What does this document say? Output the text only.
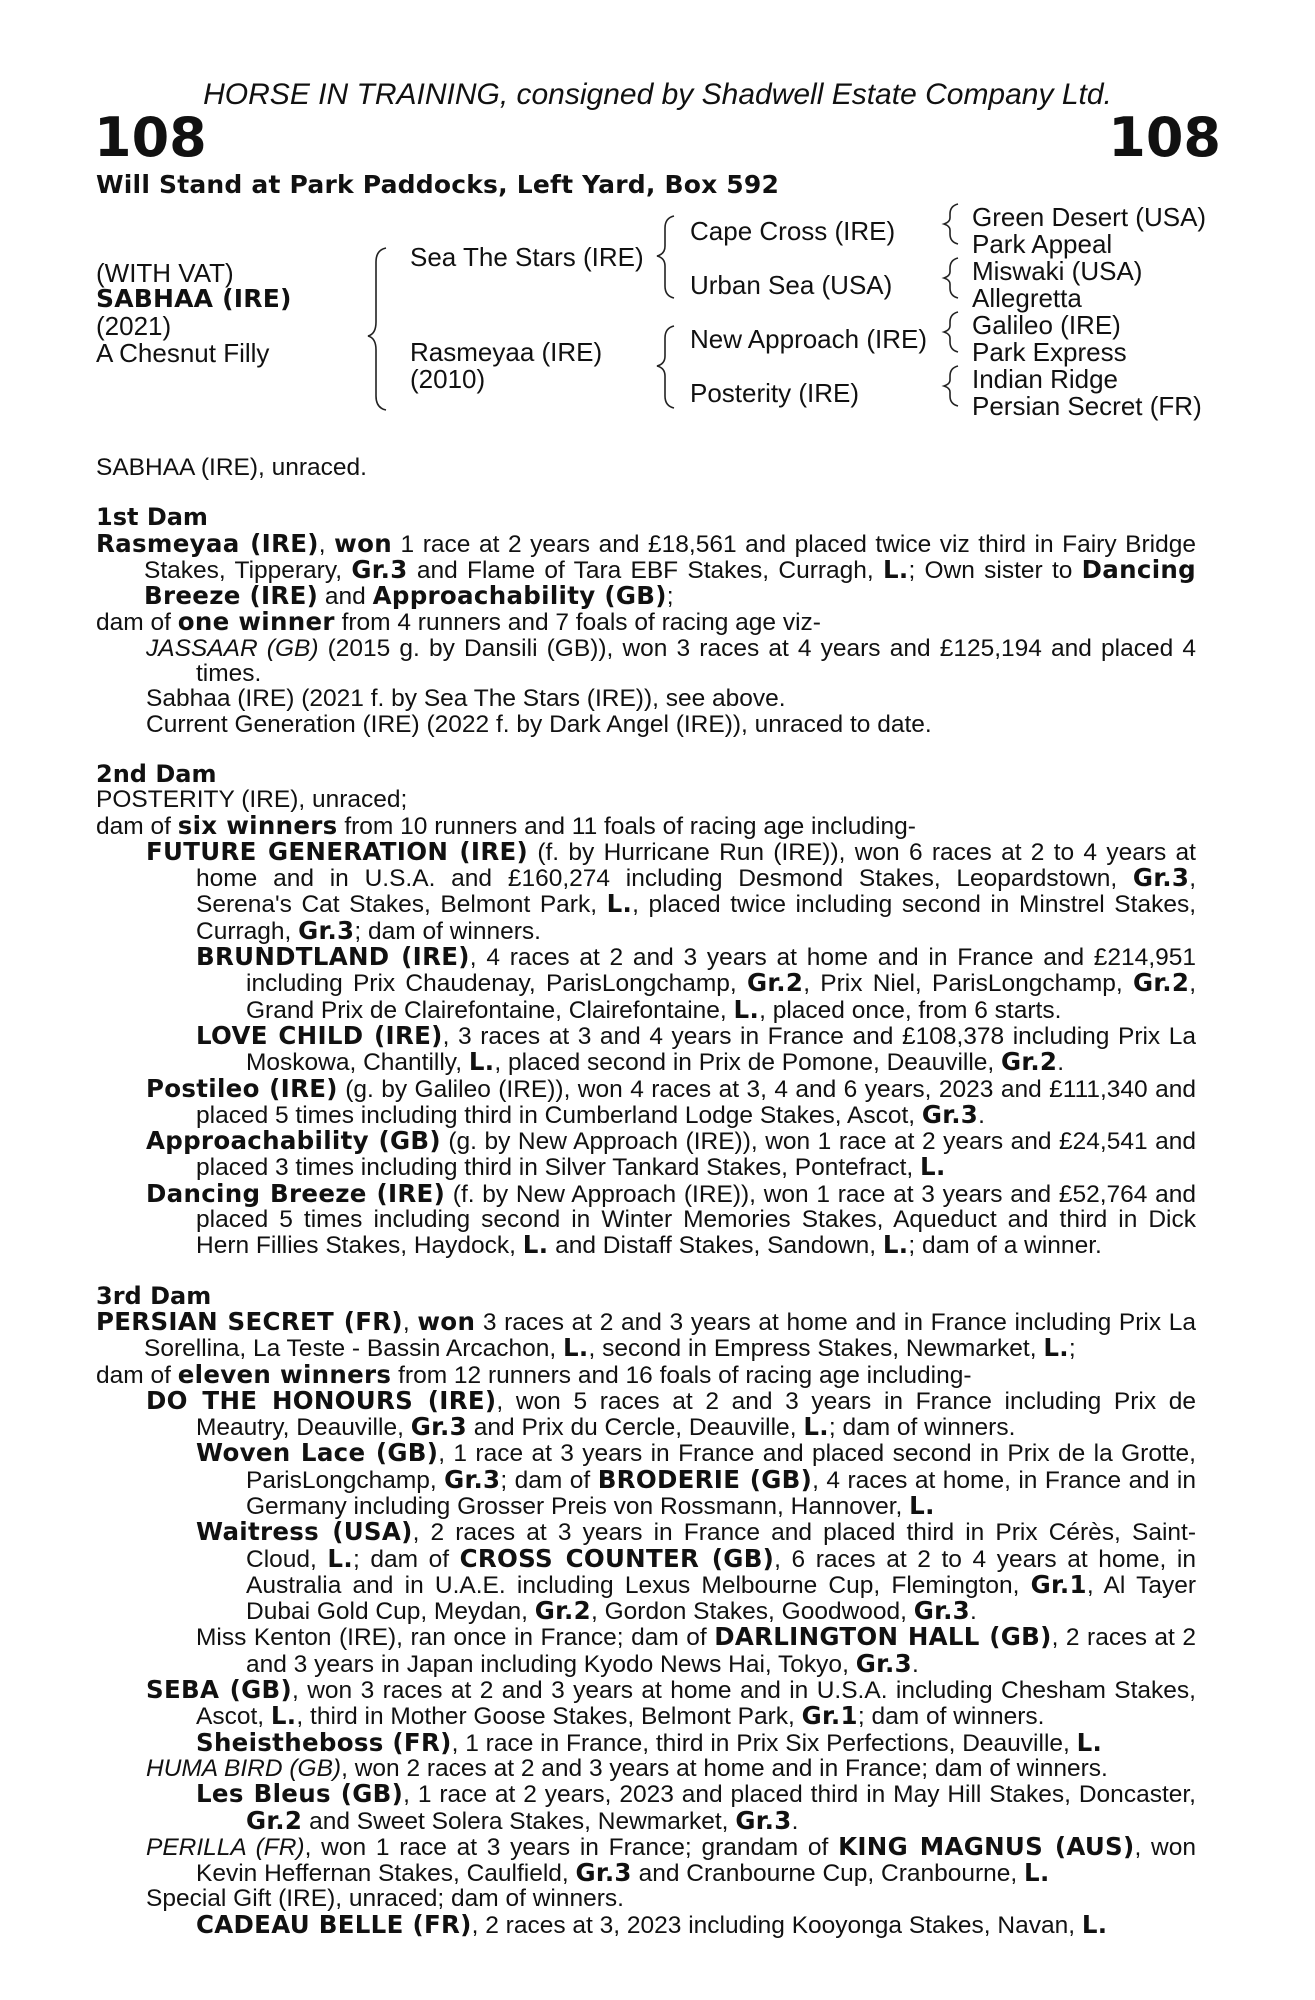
HORSE IN TRAINING, consigned by Shadwell Estate Company Ltd.
108	108
Will Stand at Park Paddocks, Left Yard, Box 592
(WITH VAT)
SABHAA (IRE)
(2021)
A Chesnut Filly
Sea The Stars (IRE)
Rasmeyaa (IRE)
(2010)
Cape Cross (IRE)
Urban Sea (USA)
New Approach (IRE)
Posterity (IRE)
Green Desert (USA)
Park Appeal
Miswaki (USA)
Allegretta
Galileo (IRE)
Park Express
Indian Ridge
Persian Secret (FR)

SABHAA (IRE), unraced.

1st Dam

Rasmeyaa (IRE), won 1 race at 2 years and £18,561 and placed twice viz third in Fairy Bridge Stakes, Tipperary, Gr.3 and Flame of Tara EBF Stakes, Curragh, L.; Own sister to Dancing Breeze (IRE) and Approachability (GB);

dam of one winner from 4 runners and 7 foals of racing age viz-

JASSAAR (GB) (2015 g. by Dansili (GB)), won 3 races at 4 years and £125,194 and placed 4 times.

Sabhaa (IRE) (2021 f. by Sea The Stars (IRE)), see above.

Current Generation (IRE) (2022 f. by Dark Angel (IRE)), unraced to date.

2nd Dam

POSTERITY (IRE), unraced;

dam of six winners from 10 runners and 11 foals of racing age including-

FUTURE GENERATION (IRE) (f. by Hurricane Run (IRE)), won 6 races at 2 to 4 years at home and in U.S.A. and £160,274 including Desmond Stakes, Leopardstown, Gr.3, Serena's Cat Stakes, Belmont Park, L., placed twice including second in Minstrel Stakes, Curragh, Gr.3; dam of winners.

BRUNDTLAND (IRE), 4 races at 2 and 3 years at home and in France and £214,951 including Prix Chaudenay, ParisLongchamp, Gr.2, Prix Niel, ParisLongchamp, Gr.2, Grand Prix de Clairefontaine, Clairefontaine, L., placed once, from 6 starts.

LOVE CHILD (IRE), 3 races at 3 and 4 years in France and £108,378 including Prix La Moskowa, Chantilly, L., placed second in Prix de Pomone, Deauville, Gr.2.

Postileo (IRE) (g. by Galileo (IRE)), won 4 races at 3, 4 and 6 years, 2023 and £111,340 and placed 5 times including third in Cumberland Lodge Stakes, Ascot, Gr.3.

Approachability (GB) (g. by New Approach (IRE)), won 1 race at 2 years and £24,541 and placed 3 times including third in Silver Tankard Stakes, Pontefract, L.

Dancing Breeze (IRE) (f. by New Approach (IRE)), won 1 race at 3 years and £52,764 and placed 5 times including second in Winter Memories Stakes, Aqueduct and third in Dick Hern Fillies Stakes, Haydock, L. and Distaff Stakes, Sandown, L.; dam of a winner.

3rd Dam

PERSIAN SECRET (FR), won 3 races at 2 and 3 years at home and in France including Prix La Sorellina, La Teste - Bassin Arcachon, L., second in Empress Stakes, Newmarket, L.;

dam of eleven winners from 12 runners and 16 foals of racing age including-

DO THE HONOURS (IRE), won 5 races at 2 and 3 years in France including Prix de Meautry, Deauville, Gr.3 and Prix du Cercle, Deauville, L.; dam of winners.

Woven Lace (GB), 1 race at 3 years in France and placed second in Prix de la Grotte, ParisLongchamp, Gr.3; dam of BRODERIE (GB), 4 races at home, in France and in Germany including Grosser Preis von Rossmann, Hannover, L.

Waitress (USA), 2 races at 3 years in France and placed third in Prix Cérès, Saint-Cloud, L.; dam of CROSS COUNTER (GB), 6 races at 2 to 4 years at home, in Australia and in U.A.E. including Lexus Melbourne Cup, Flemington, Gr.1, Al Tayer Dubai Gold Cup, Meydan, Gr.2, Gordon Stakes, Goodwood, Gr.3.

Miss Kenton (IRE), ran once in France; dam of DARLINGTON HALL (GB), 2 races at 2 and 3 years in Japan including Kyodo News Hai, Tokyo, Gr.3.

SEBA (GB), won 3 races at 2 and 3 years at home and in U.S.A. including Chesham Stakes, Ascot, L., third in Mother Goose Stakes, Belmont Park, Gr.1; dam of winners.

Sheistheboss (FR), 1 race in France, third in Prix Six Perfections, Deauville, L.

HUMA BIRD (GB), won 2 races at 2 and 3 years at home and in France; dam of winners.

Les Bleus (GB), 1 race at 2 years, 2023 and placed third in May Hill Stakes, Doncaster, Gr.2 and Sweet Solera Stakes, Newmarket, Gr.3.

PERILLA (FR), won 1 race at 3 years in France; grandam of KING MAGNUS (AUS), won Kevin Heffernan Stakes, Caulfield, Gr.3 and Cranbourne Cup, Cranbourne, L.

Special Gift (IRE), unraced; dam of winners.

CADEAU BELLE (FR), 2 races at 3, 2023 including Kooyonga Stakes, Navan, L.
